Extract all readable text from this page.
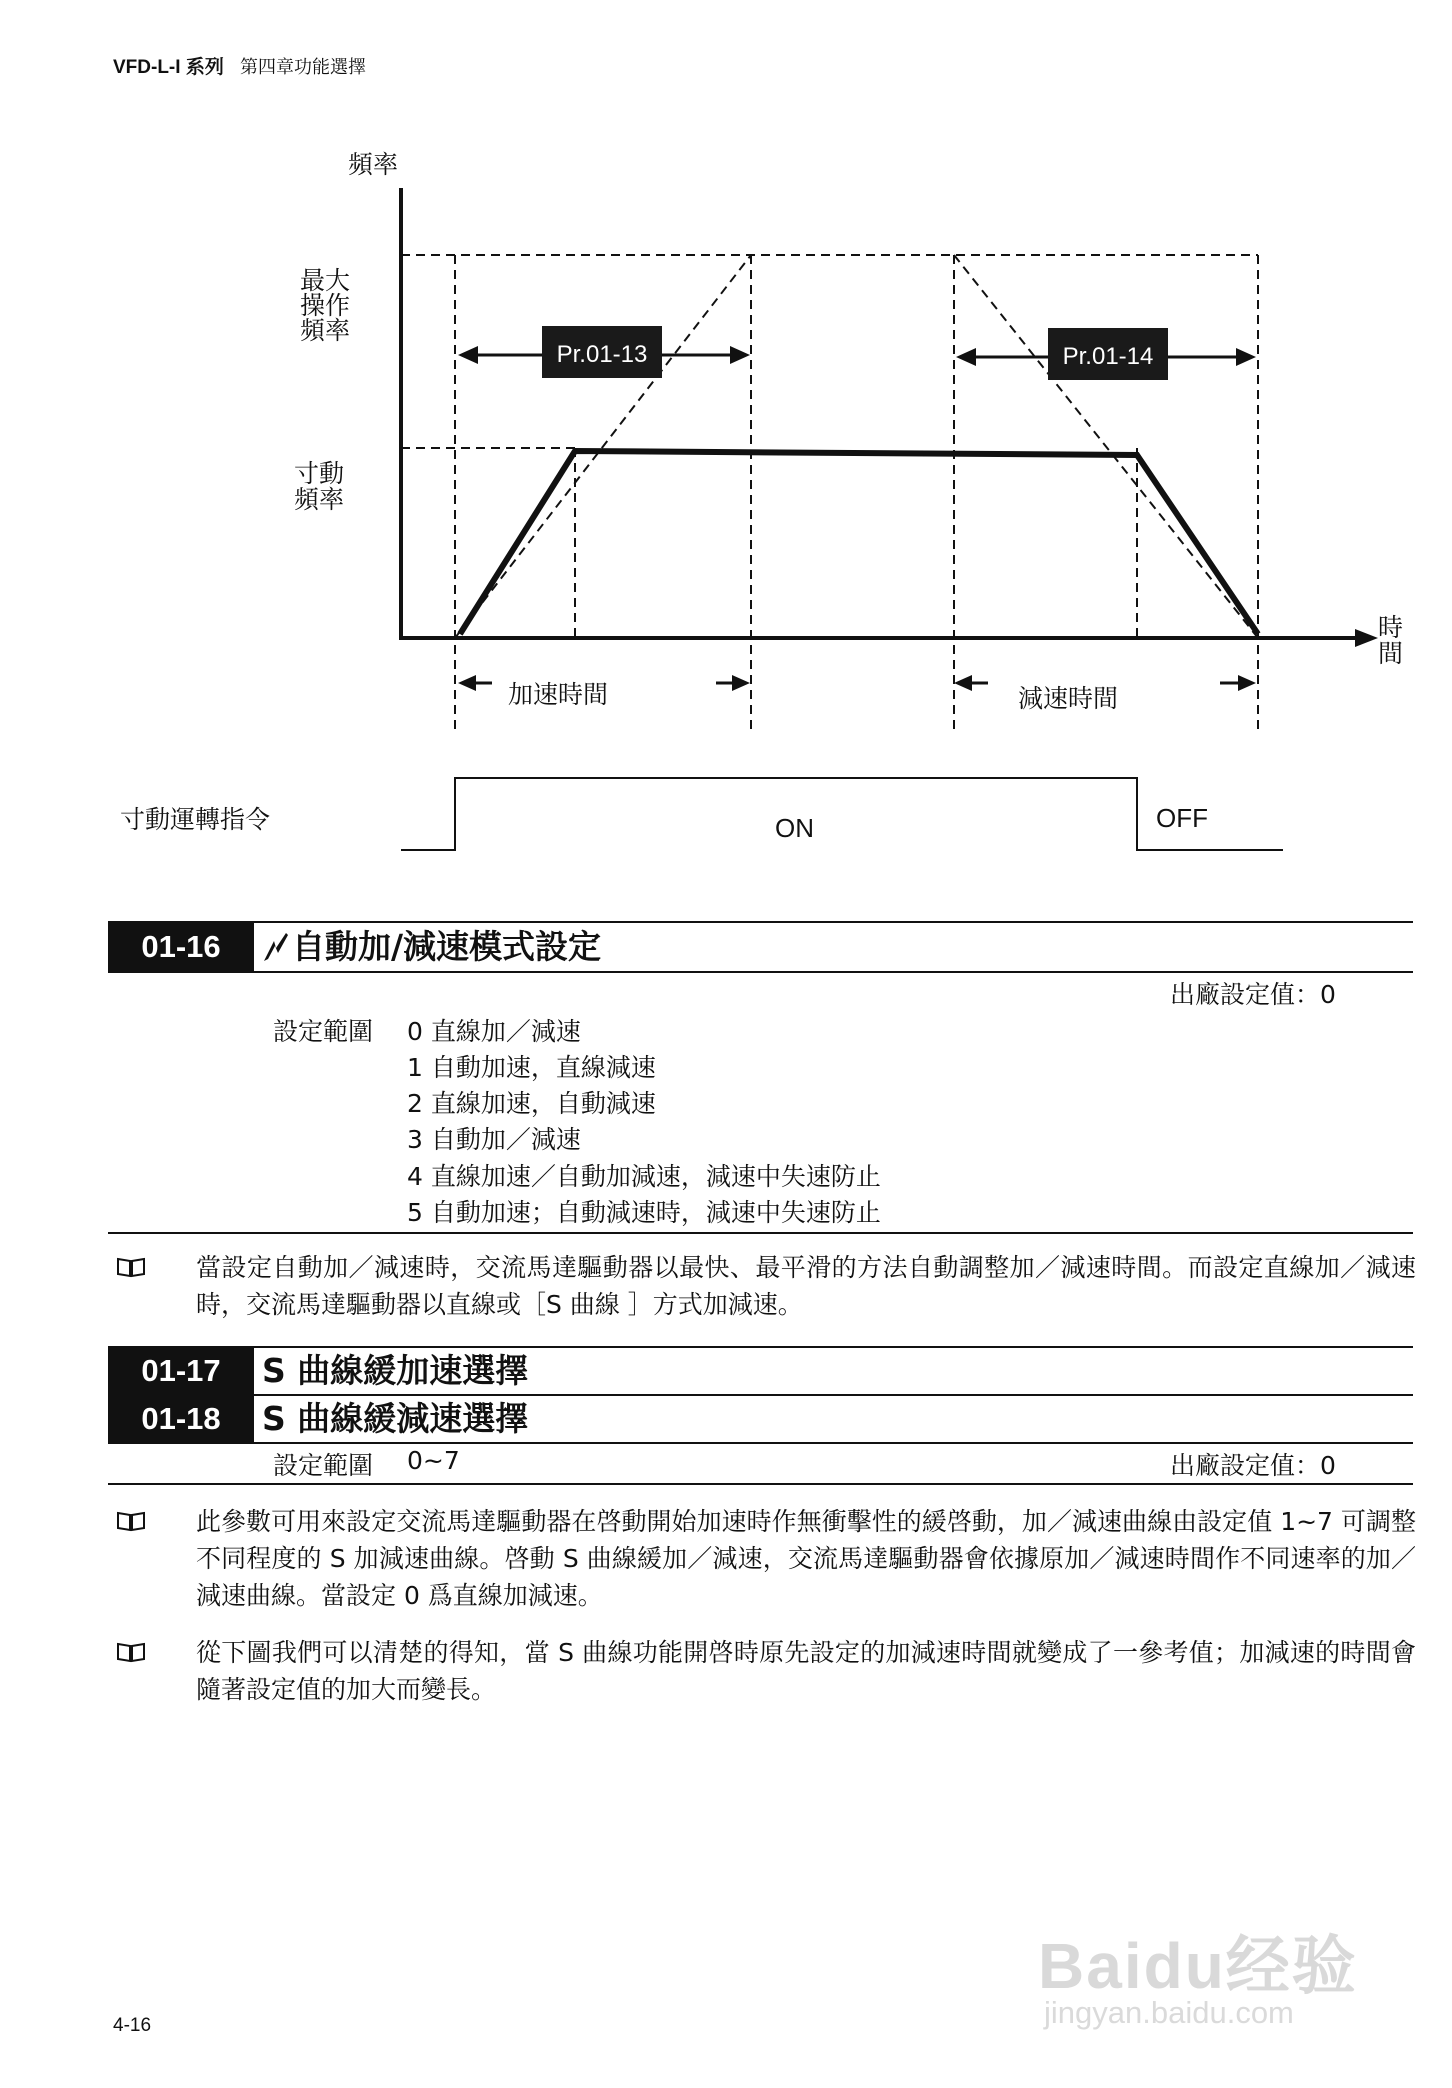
VFD-L-I 系列 第四章功能選擇
Pr.01-13	Pr.01-14
頻率
時
間
最大
操作
頻率
寸動
頻率
加速時間	減速時間
寸動運轉指令	ON	OFF
01-16	自動加/減速模式設定
出廠設定值：0
設定範圍 0 直線加／減速
1 自動加速，直線減速
2 直線加速，自動減速
3 自動加／減速
4 直線加速／自動加減速，減速中失速防止
5 自動加速；自動減速時，減速中失速防止
當設定自動加／減速時，交流馬達驅動器以最快、最平滑的方法自動調整加／減速時間。而設定直線加／減速時，交流馬達驅動器以直線或［S 曲線 ］方式加減速。
01-17	S 曲線緩加速選擇
01-18	S 曲線緩減速選擇
設定範圍 0~7	出廠設定值：0
此參數可用來設定交流馬達驅動器在啓動開始加速時作無衝擊性的緩啓動，加／減速曲線由設定值 1~7 可調整不同程度的 S 加減速曲線。啓動 S 曲線緩加／減速，交流馬達驅動器會依據原加／減速時間作不同速率的加／減速曲線。當設定 0 爲直線加減速。
從下圖我們可以清楚的得知，當 S 曲線功能開啓時原先設定的加減速時間就變成了一參考值；加減速的時間會隨著設定值的加大而變長。
4-16
Baidu经验
jingyan.baidu.com
